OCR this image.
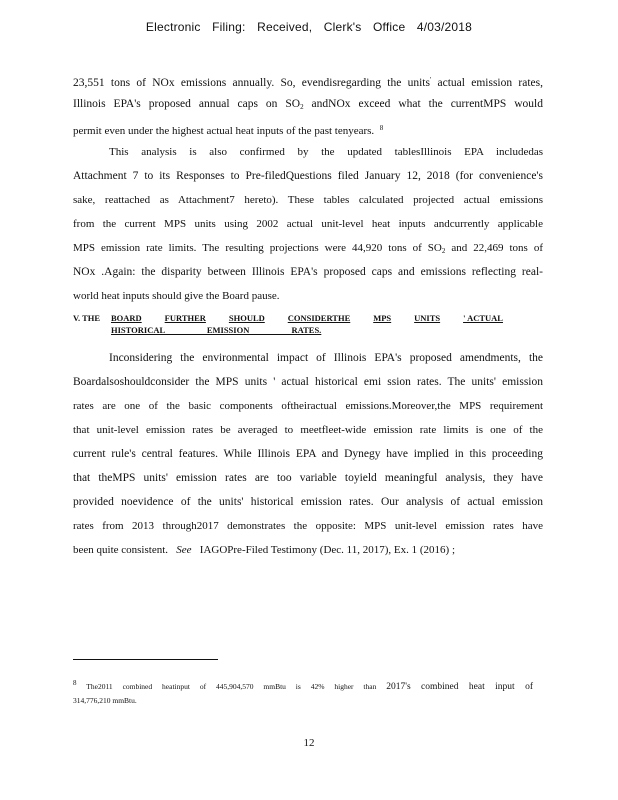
Electronic Filing: Received, Clerk's Office 4/03/2018
23,551 tons of NOx emissions annually. So, evendisregarding the units' actual emission rates,
Illinois EPA's proposed annual caps on $SO_2$ andNOx exceed what the currentMPS would
permit even under the highest actual heat inputs of the past tenyears. $^8$
This analysis is also confirmed by the updated tablesIllinois EPA includedas
Attachment 7 to its Responses to Pre-filedQuestions filed January 12, 2018 (for convenience's
sake, reattached as Attachment7 hereto). These tables calculated projected actual emissions
from the current MPS units using 2002 actual unit-level heat inputs andcurrently applicable
MPS emission rate limits. The resulting projections were 44,920 tons of $SO_2$ and 22,469 tons of
NOx .Again: the disparity between Illinois EPA's proposed caps and emissions reflecting real-
world heat inputs should give the Board pause.
V. THE	BOARD	FURTHER	SHOULD	CONSIDERTHE	MPS	UNITS	' ACTUAL
HISTORICAL EMISSION RATES.
Inconsidering the environmental impact of Illinois EPA's proposed amendments, the
Boardalsoshouldconsider the MPS units ' actual historical emi ssion rates. The units' emission
rates are one of the basic components oftheiractual emissions.Moreover,the MPS requirement
that unit-level emission rates be averaged to meetfleet-wide emission rate limits is one of the
current rule's central features. While Illinois EPA and Dynegy have implied in this proceeding
that theMPS units' emission rates are too variable toyield meaningful analysis, they have
provided noevidence of the units' historical emission rates. Our analysis of actual emission
rates from 2013 through2017 demonstrates the opposite: MPS unit-level emission rates have
been quite consistent. See IAGOPre-Filed Testimony (Dec. 11, 2017), Ex. 1 (2016) ;
8 The2011 combined heatinput of 445,904,570 mmBtu is 42% higher than 2017's combined heat input of
314,776,210 mmBtu.
12
